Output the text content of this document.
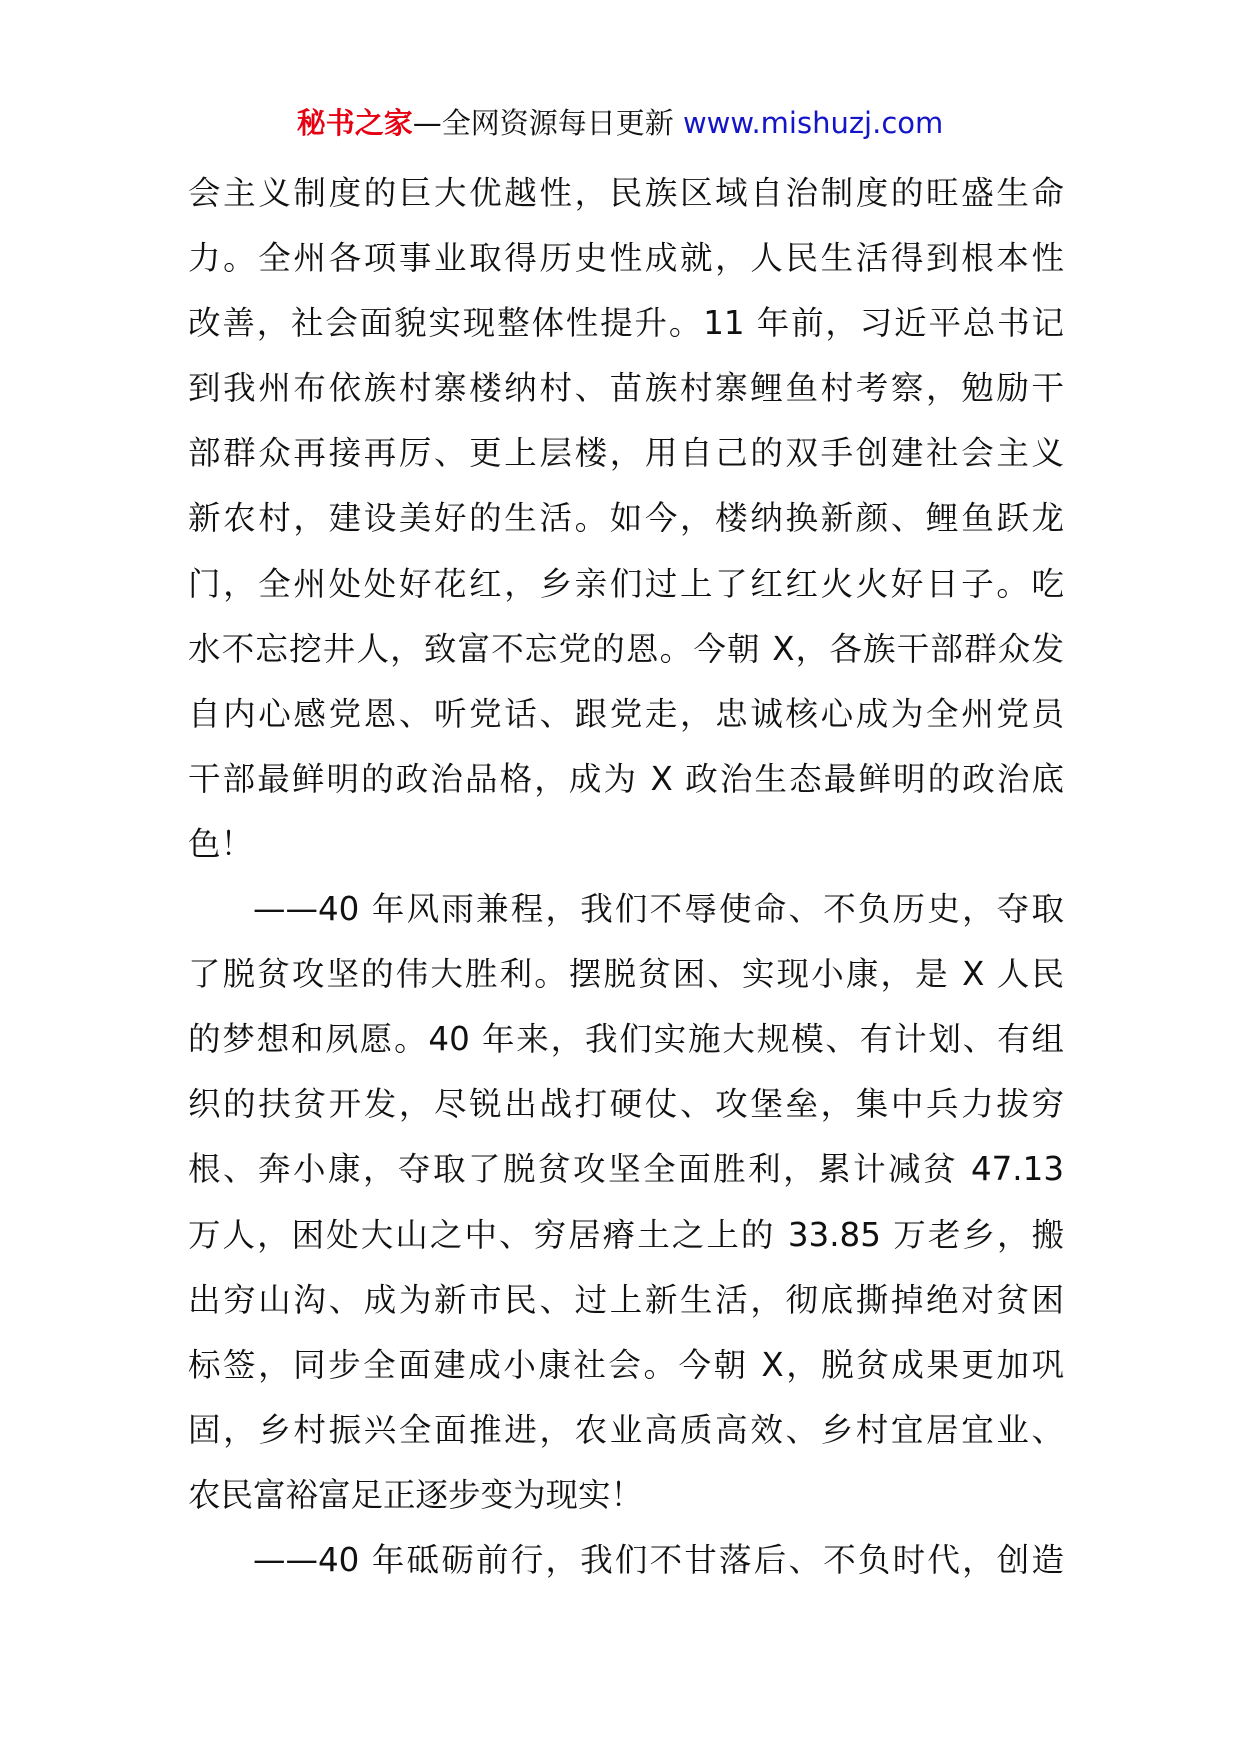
秘书之家—全网资源每日更新 www.mishuzj.com
会主义制度的巨大优越性，民族区域自治制度的旺盛生命
力。全州各项事业取得历史性成就，人民生活得到根本性
改善，社会面貌实现整体性提升。11 年前，习近平总书记
到我州布依族村寨楼纳村、苗族村寨鲤鱼村考察，勉励干
部群众再接再厉、更上层楼，用自己的双手创建社会主义
新农村，建设美好的生活。如今，楼纳换新颜、鲤鱼跃龙
门，全州处处好花红，乡亲们过上了红红火火好日子。吃
水不忘挖井人，致富不忘党的恩。今朝 X，各族干部群众发
自内心感党恩、听党话、跟党走，忠诚核心成为全州党员
干部最鲜明的政治品格，成为 X 政治生态最鲜明的政治底
色！
——40 年风雨兼程，我们不辱使命、不负历史，夺取
了脱贫攻坚的伟大胜利。摆脱贫困、实现小康，是 X 人民
的梦想和夙愿。40 年来，我们实施大规模、有计划、有组
织的扶贫开发，尽锐出战打硬仗、攻堡垒，集中兵力拔穷
根、奔小康，夺取了脱贫攻坚全面胜利，累计减贫 47.13
万人，困处大山之中、穷居瘠土之上的 33.85 万老乡，搬
出穷山沟、成为新市民、过上新生活，彻底撕掉绝对贫困
标签，同步全面建成小康社会。今朝 X，脱贫成果更加巩
固，乡村振兴全面推进，农业高质高效、乡村宜居宜业、
农民富裕富足正逐步变为现实！
——40 年砥砺前行，我们不甘落后、不负时代，创造
